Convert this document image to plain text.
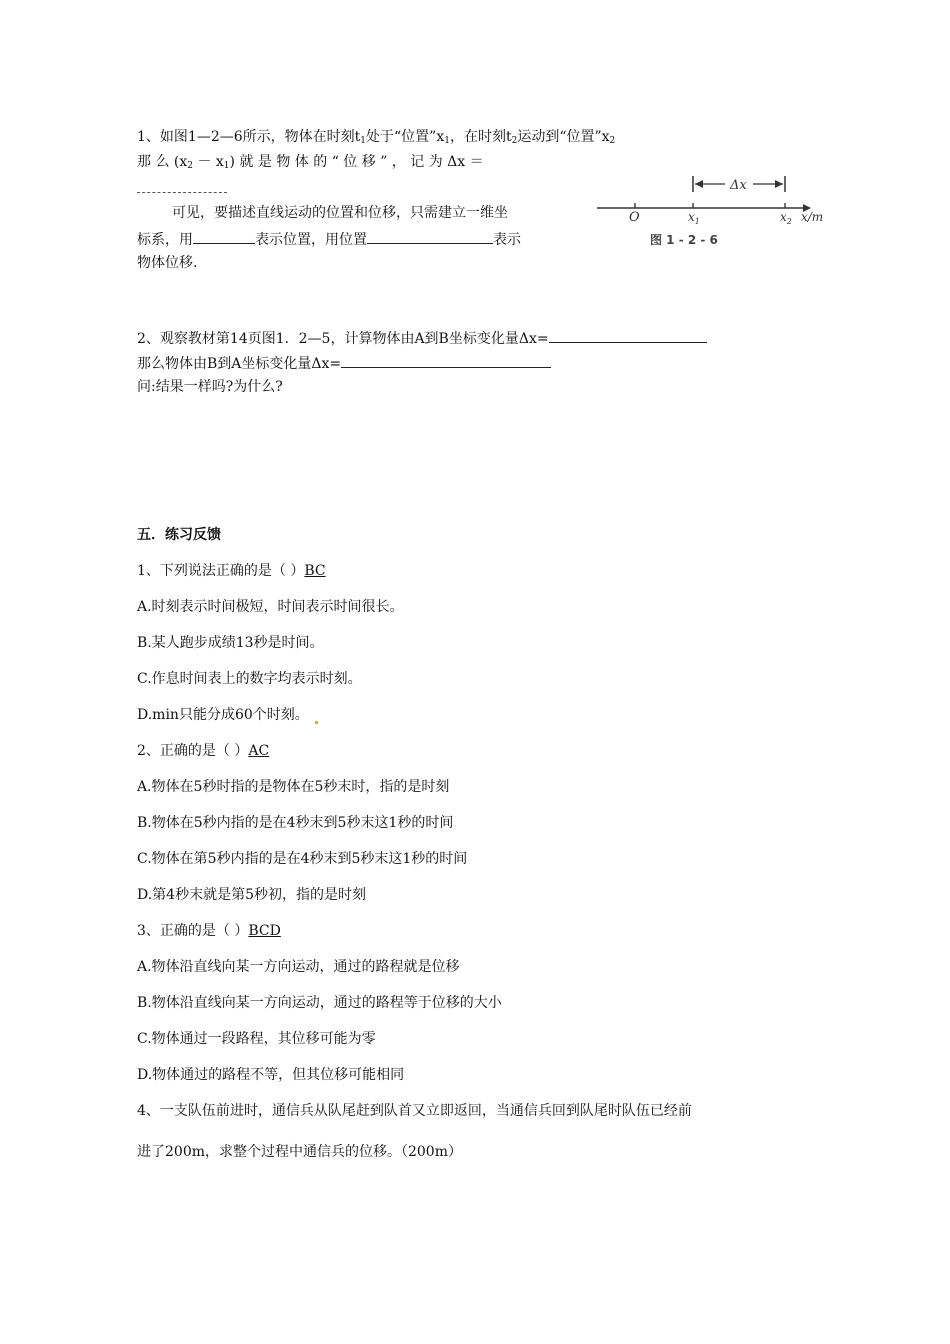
1、如图1—2—6所示，物体在时刻$t_1$处于“位置$”x_1$，在时刻$t_2$运动到“位置$”x_2$
那 么 $(x_2 - x_1)$ 就 是 物 体 的 “ 位 移 ” ， 记 为 Δx ＝
可见，要描述直线运动的位置和位移，只需建立一维坐
标系，用	表示位置，用位置	表示
物体位移.
Δx
O	$x_1$	$x_2$ x/m
图 1 - 2 - 6
2、观察教材第14页图1．2—5，计算物体由A到B坐标变化量Δx=
那么物体由B到A坐标变化量Δx=
问:结果一样吗?为什么?
五．练习反馈
1、下列说法正确的是（ ）BC
A.时刻表示时间极短，时间表示时间很长。
B.某人跑步成绩13秒是时间。
C.作息时间表上的数字均表示时刻。
D.min只能分成60个时刻。
2、正确的是（ ）AC
A.物体在5秒时指的是物体在5秒末时，指的是时刻
B.物体在5秒内指的是在4秒末到5秒末这1秒的时间
C.物体在第5秒内指的是在4秒末到5秒末这1秒的时间
D.第4秒末就是第5秒初，指的是时刻
3、正确的是（ ）BCD
A.物体沿直线向某一方向运动，通过的路程就是位移
B.物体沿直线向某一方向运动，通过的路程等于位移的大小
C.物体通过一段路程，其位移可能为零
D.物体通过的路程不等，但其位移可能相同
4、一支队伍前进时，通信兵从队尾赶到队首又立即返回，当通信兵回到队尾时队伍已经前
进了200m，求整个过程中通信兵的位移。（200m）
